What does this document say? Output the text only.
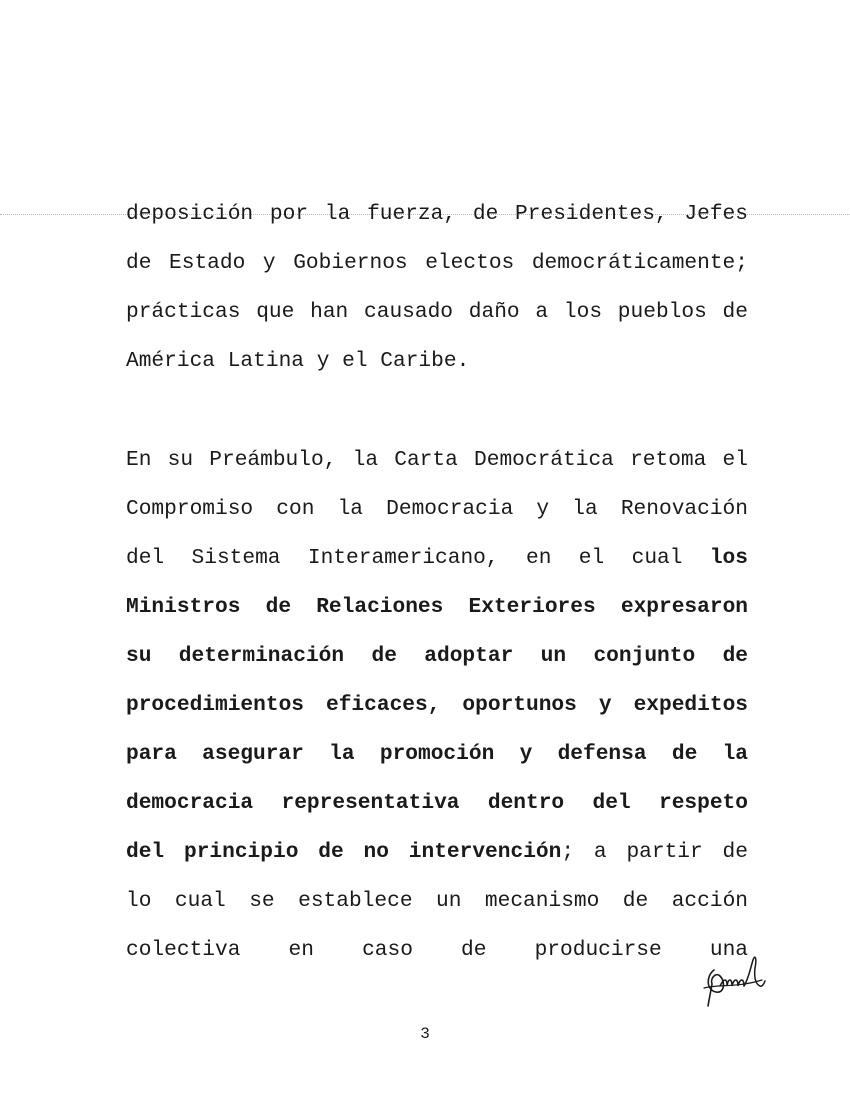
deposición por la fuerza, de Presidentes, Jefes
de Estado y Gobiernos electos democráticamente;
prácticas que han causado daño a los pueblos de
América Latina y el Caribe.
En su Preámbulo, la Carta Democrática retoma el
Compromiso con la Democracia y la Renovación
del Sistema Interamericano, en el cual los
Ministros de Relaciones Exteriores expresaron
su determinación de adoptar un conjunto de
procedimientos eficaces, oportunos y expeditos
para asegurar la promoción y defensa de la
democracia representativa dentro del respeto
del principio de no intervención; a partir de
lo cual se establece un mecanismo de acción
colectiva en caso de producirse una
3
